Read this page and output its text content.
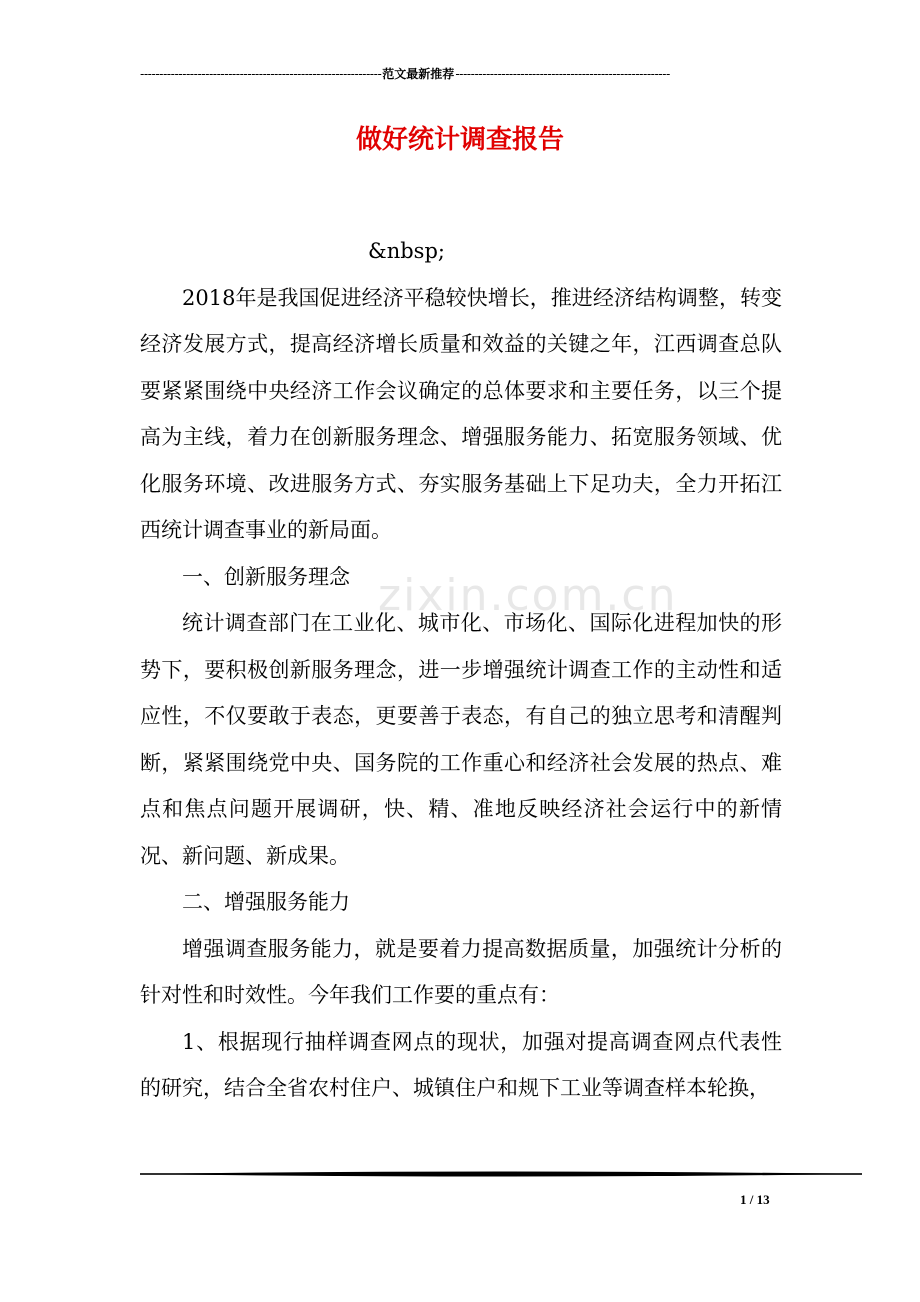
---------------------------------------------------------------范文最新推荐--------------------------------------------------------
做好统计调查报告
zixin.com.cn

&nbsp;

2018年是我国促进经济平稳较快增长，推进经济结构调整，转变经济发展方式，提高经济增长质量和效益的关键之年，江西调查总队要紧紧围绕中央经济工作会议确定的总体要求和主要任务，以三个提高为主线，着力在创新服务理念、增强服务能力、拓宽服务领域、优化服务环境、改进服务方式、夯实服务基础上下足功夫，全力开拓江西统计调查事业的新局面。

一、创新服务理念

统计调查部门在工业化、城市化、市场化、国际化进程加快的形势下，要积极创新服务理念，进一步增强统计调查工作的主动性和适应性，不仅要敢于表态，更要善于表态，有自己的独立思考和清醒判断，紧紧围绕党中央、国务院的工作重心和经济社会发展的热点、难点和焦点问题开展调研，快、精、准地反映经济社会运行中的新情况、新问题、新成果。

二、增强服务能力

增强调查服务能力，就是要着力提高数据质量，加强统计分析的针对性和时效性。今年我们工作要的重点有：

1、根据现行抽样调查网点的现状，加强对提高调查网点代表性的研究，结合全省农村住户、城镇住户和规下工业等调查样本轮换，

1 / 13
